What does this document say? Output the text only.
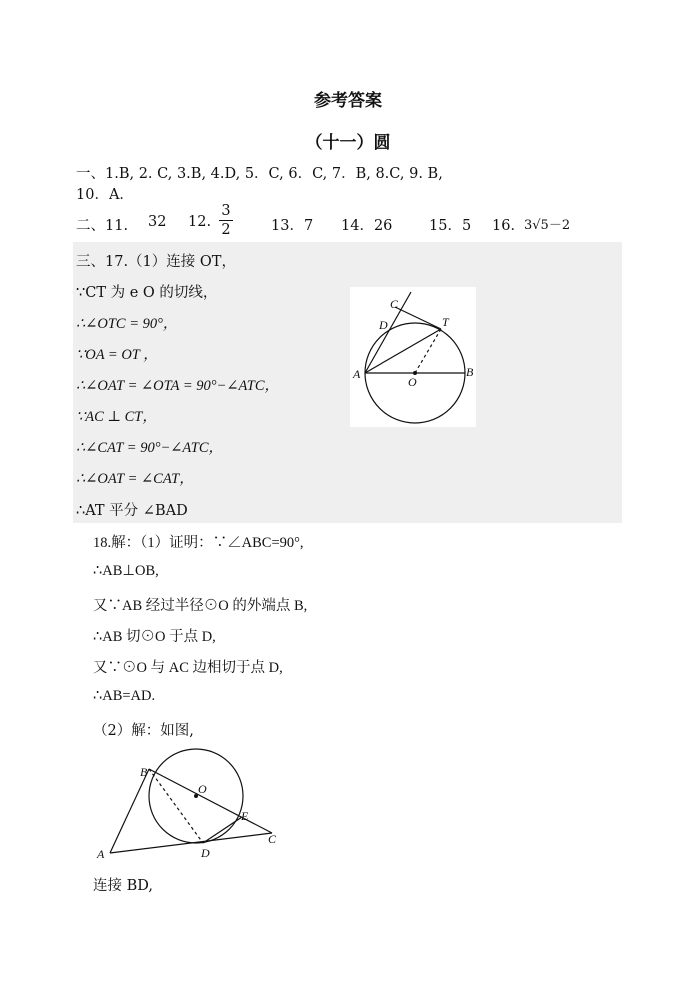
参考答案
（十一）圆
一、1.B, 2. C, 3.B, 4.D, 5．C, 6．C, 7．B, 8.C, 9. B,
10．A．
二、11. 32 12.
3
2	13．7 14．26	15．5 16． 3√5－2
三、17.（1）连接 OT，
∵CT 为 e O 的切线，
∴∠OTC = 90°，
∵OA = OT ，
∴∠OAT = ∠OTA = 90°−∠ATC，
∵AC ⊥ CT，
∴∠CAT = 90°−∠ATC，
∴∠OAT = ∠CAT，
∴AT 平分 ∠BAD
C
D	T
A
O
B
18.解：（1）证明：∵∠ABC=90°,
∴AB⊥OB,
又∵AB 经过半径⊙O 的外端点 B,
∴AB 切⊙O 于点 D,
又∵⊙O 与 AC 边相切于点 D,
∴AB=AD.
（2）解：如图,
B
O
E
C
A	D
连接 BD,
